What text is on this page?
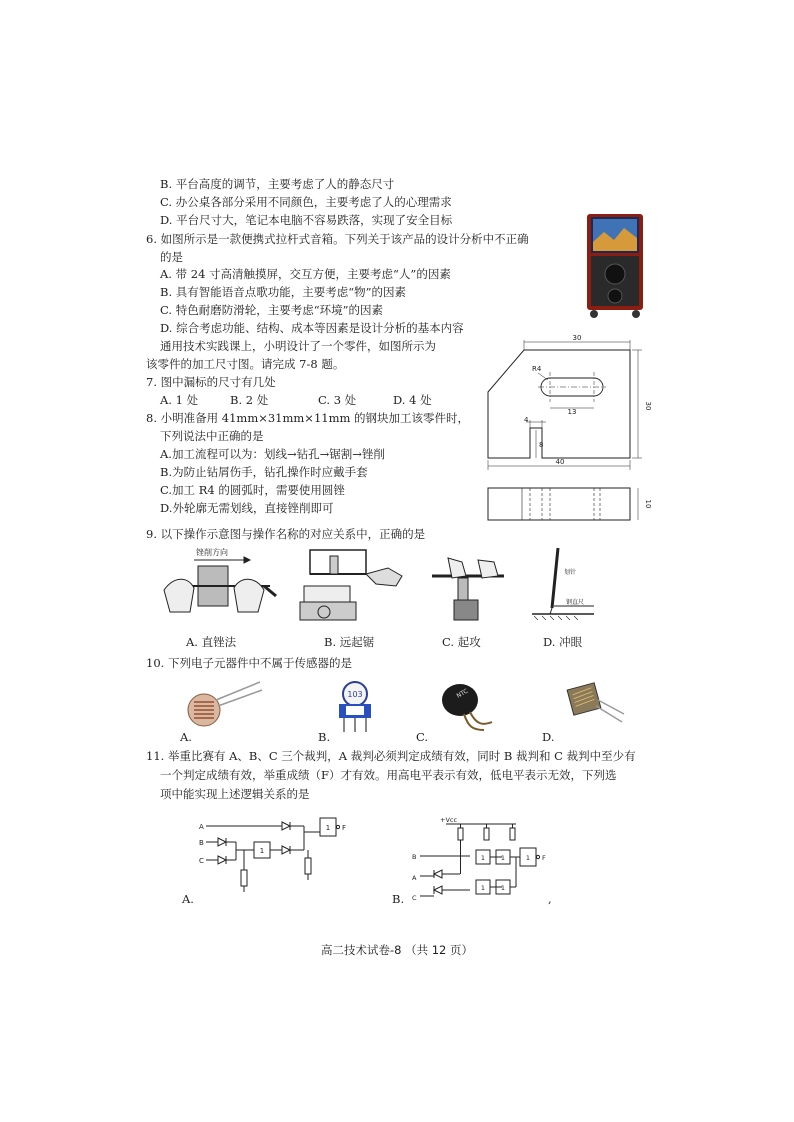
B. 平台高度的调节，主要考虑了人的静态尺寸
C. 办公桌各部分采用不同颜色，主要考虑了人的心理需求
D. 平台尺寸大，笔记本电脑不容易跌落，实现了安全目标
6. 如图所示是一款便携式拉杆式音箱。下列关于该产品的设计分析中不正确
的是
A. 带 24 寸高清触摸屏，交互方便，主要考虑“人”的因素
B. 具有智能语音点歌功能，主要考虑“物”的因素
C. 特色耐磨防滑轮，主要考虑“环境”的因素
D. 综合考虑功能、结构、成本等因素是设计分析的基本内容
通用技术实践课上，小明设计了一个零件，如图所示为
该零件的加工尺寸图。请完成 7-8 题。
7. 图中漏标的尺寸有几处
A. 1 处	B. 2 处	C. 3 处	D. 4 处
8. 小明准备用 41mm×31mm×11mm 的钢块加工该零件时，
下列说法中正确的是
A.加工流程可以为：划线→钻孔→锯割→锉削
B.为防止钻屑伤手，钻孔操作时应戴手套
C.加工 R4 的圆弧时，需要使用圆锉
D.外轮廓无需划线，直接锉削即可
30
R4
13
30
4
8
40
10
9. 以下操作示意图与操作名称的对应关系中，正确的是
锉削方向
划针
钢直尺
A. 直锉法	B. 远起锯	C. 起攻	D. 冲眼
10. 下列电子元器件中不属于传感器的是
103	NTC
A.	B.	C.	D.
11. 举重比赛有 A、B、C 三个裁判，A 裁判必须判定成绩有效，同时 B 裁判和 C 裁判中至少有
一个判定成绩有效，举重成绩（F）才有效。用高电平表示有效，低电平表示无效，下列选
项中能实现上述逻辑关系的是
A
B
C
1
1 F
A.
+Vcc
B
A
C
1
1
1
1
1 F
B.	,
高二技术试卷-8 （共 12 页）
